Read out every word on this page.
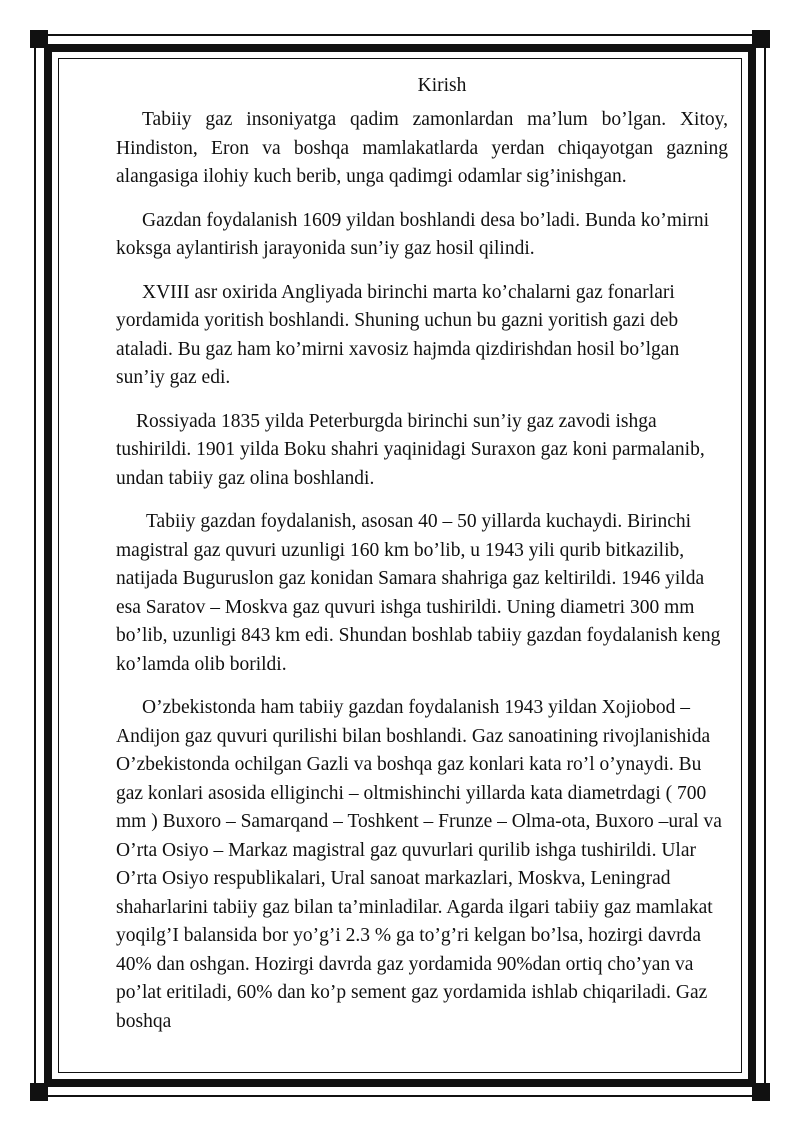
Kirish

Tabiiy gaz insoniyatga qadim zamonlardan ma’lum bo’lgan. Xitoy, Hindiston, Eron va boshqa mamlakatlarda yerdan chiqayotgan gazning alangasiga ilohiy kuch berib, unga qadimgi odamlar sig’inishgan.

Gazdan foydalanish 1609 yildan boshlandi desa bo’ladi. Bunda ko’mirni koksga aylantirish jarayonida sun’iy gaz hosil qilindi.

XVIII asr oxirida Angliyada birinchi marta ko’chalarni gaz fonarlari yordamida yoritish boshlandi. Shuning uchun bu gazni yoritish gazi deb ataladi. Bu gaz ham ko’mirni xavosiz hajmda qizdirishdan hosil bo’lgan sun’iy gaz edi.

Rossiyada 1835 yilda Peterburgda birinchi sun’iy gaz zavodi ishga tushirildi. 1901 yilda Boku shahri yaqinidagi Suraxon gaz koni parmalanib, undan tabiiy gaz olina boshlandi.

Tabiiy gazdan foydalanish, asosan 40 – 50 yillarda kuchaydi. Birinchi magistral gaz quvuri uzunligi 160 km bo’lib, u 1943 yili qurib bitkazilib, natijada Buguruslon gaz konidan Samara shahriga gaz keltirildi. 1946 yilda esa Saratov – Moskva gaz quvuri ishga tushirildi. Uning diametri 300 mm bo’lib, uzunligi 843 km edi. Shundan boshlab tabiiy gazdan foydalanish keng ko’lamda olib borildi.

O’zbekistonda ham tabiiy gazdan foydalanish 1943 yildan Xojiobod – Andijon gaz quvuri qurilishi bilan boshlandi. Gaz sanoatining rivojlanishida O’zbekistonda ochilgan Gazli va boshqa gaz konlari kata ro’l o’ynaydi. Bu gaz konlari asosida elliginchi – oltmishinchi yillarda kata diametrdagi ( 700 mm ) Buxoro – Samarqand – Toshkent – Frunze – Olma-ota, Buxoro –ural va O’rta Osiyo – Markaz magistral gaz quvurlari qurilib ishga tushirildi. Ular O’rta Osiyo respublikalari, Ural sanoat markazlari, Moskva, Leningrad shaharlarini tabiiy gaz bilan ta’minladilar. Agarda ilgari tabiiy gaz mamlakat yoqilg’I balansida bor yo’g’i 2.3 % ga to’g’ri kelgan bo’lsa, hozirgi davrda 40% dan oshgan. Hozirgi davrda gaz yordamida 90%dan ortiq cho’yan va po’lat eritiladi, 60% dan ko’p sement gaz yordamida ishlab chiqariladi. Gaz boshqa
